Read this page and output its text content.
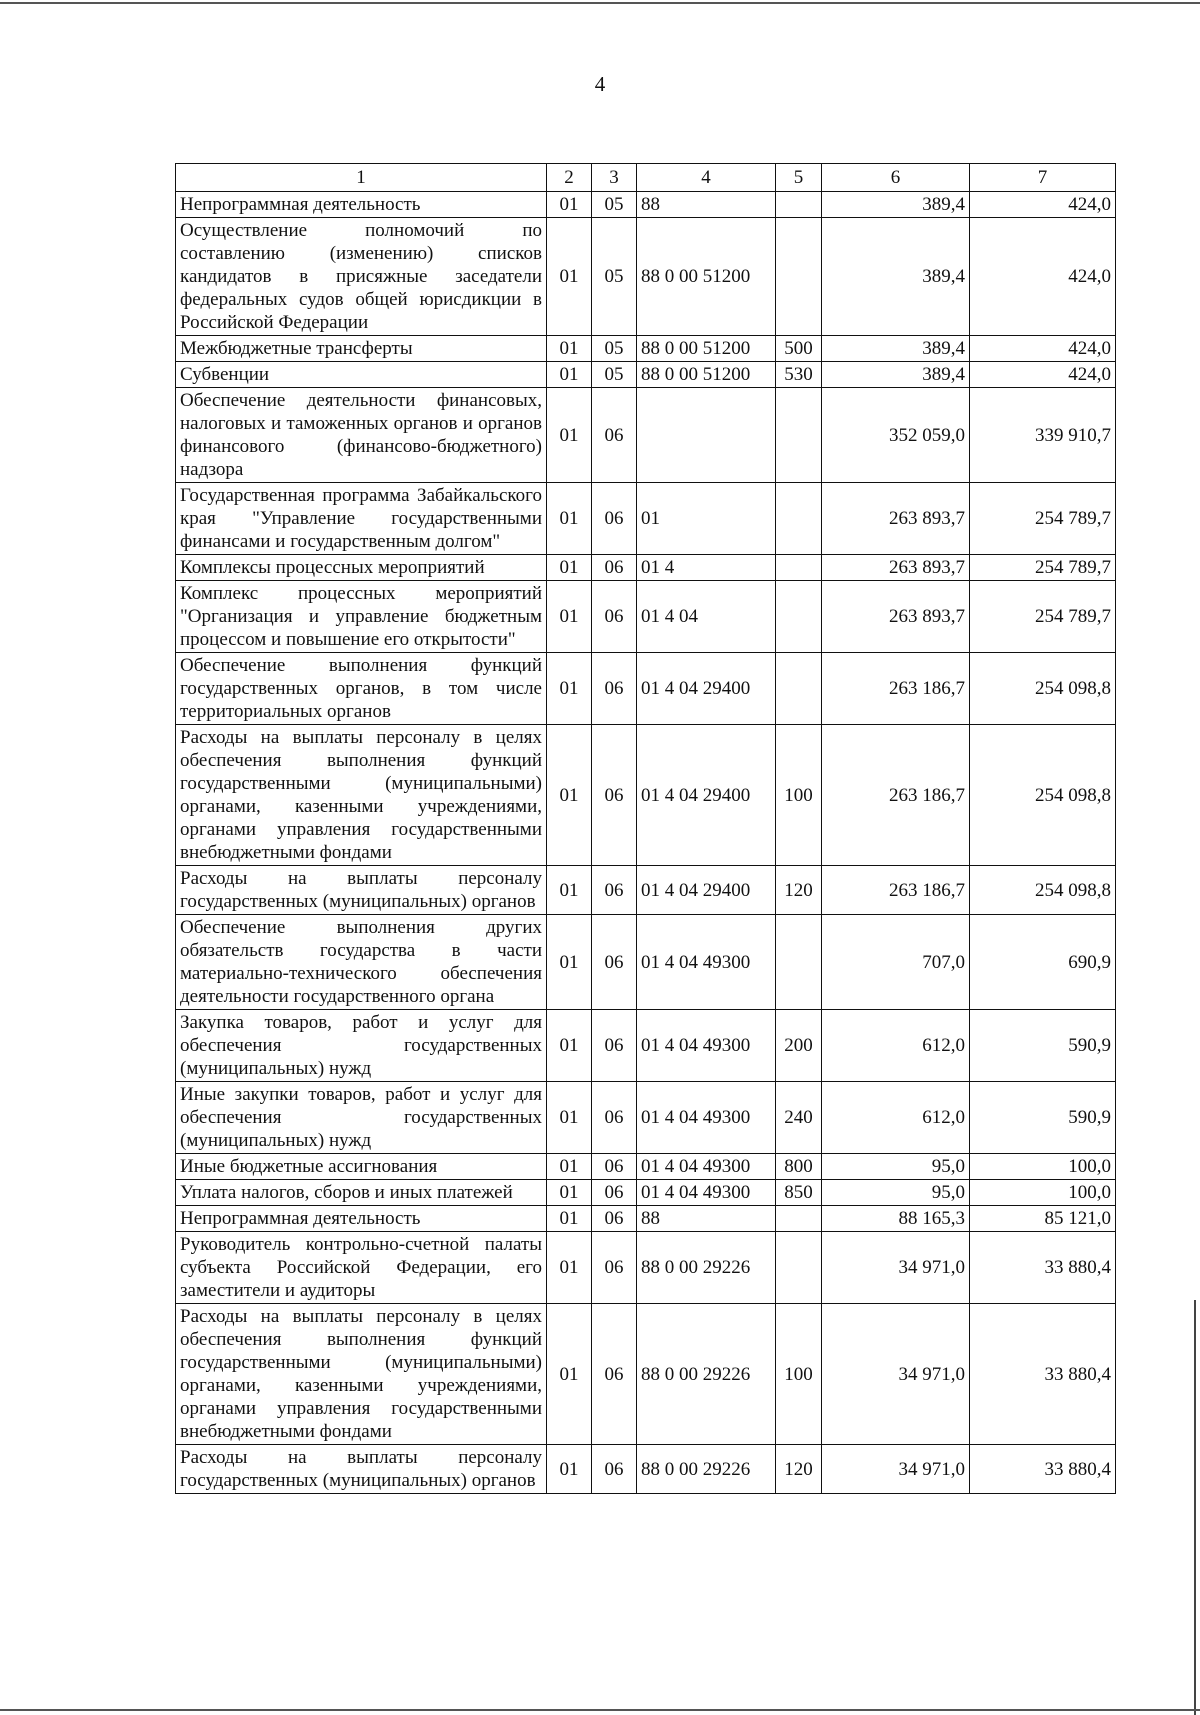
4
1	2	3	4	5	6	7
Непрограммная деятельность	01	05	88		389,4	424,0
Осуществление полномочий по составлению (изменению) списков кандидатов в присяжные заседатели федеральных судов общей юрисдикции в Российской Федерации	01	05	88 0 00 51200		389,4	424,0
Межбюджетные трансферты	01	05	88 0 00 51200	500	389,4	424,0
Субвенции	01	05	88 0 00 51200	530	389,4	424,0
Обеспечение деятельности финансовых, налоговых и таможенных органов и органов финансового (финансово-бюджетного) надзора	01	06			352 059,0	339 910,7
Государственная программа Забайкальского края "Управление государственными финансами и государственным долгом"	01	06	01		263 893,7	254 789,7
Комплексы процессных мероприятий	01	06	01 4		263 893,7	254 789,7
Комплекс процессных мероприятий "Организация и управление бюджетным процессом и повышение его открытости"	01	06	01 4 04		263 893,7	254 789,7
Обеспечение выполнения функций государственных органов, в том числе территориальных органов	01	06	01 4 04 29400		263 186,7	254 098,8
Расходы на выплаты персоналу в целях обеспечения выполнения функций государственными (муниципальными) органами, казенными учреждениями, органами управления государственными внебюджетными фондами	01	06	01 4 04 29400	100	263 186,7	254 098,8
Расходы на выплаты персоналу государственных (муниципальных) органов	01	06	01 4 04 29400	120	263 186,7	254 098,8
Обеспечение выполнения других обязательств государства в части материально-технического обеспечения деятельности государственного органа	01	06	01 4 04 49300		707,0	690,9
Закупка товаров, работ и услуг для обеспечения государственных (муниципальных) нужд	01	06	01 4 04 49300	200	612,0	590,9
Иные закупки товаров, работ и услуг для обеспечения государственных (муниципальных) нужд	01	06	01 4 04 49300	240	612,0	590,9
Иные бюджетные ассигнования	01	06	01 4 04 49300	800	95,0	100,0
Уплата налогов, сборов и иных платежей	01	06	01 4 04 49300	850	95,0	100,0
Непрограммная деятельность	01	06	88		88 165,3	85 121,0
Руководитель контрольно-счетной палаты субъекта Российской Федерации, его заместители и аудиторы	01	06	88 0 00 29226		34 971,0	33 880,4
Расходы на выплаты персоналу в целях обеспечения выполнения функций государственными (муниципальными) органами, казенными учреждениями, органами управления государственными внебюджетными фондами	01	06	88 0 00 29226	100	34 971,0	33 880,4
Расходы на выплаты персоналу государственных (муниципальных) органов	01	06	88 0 00 29226	120	34 971,0	33 880,4
